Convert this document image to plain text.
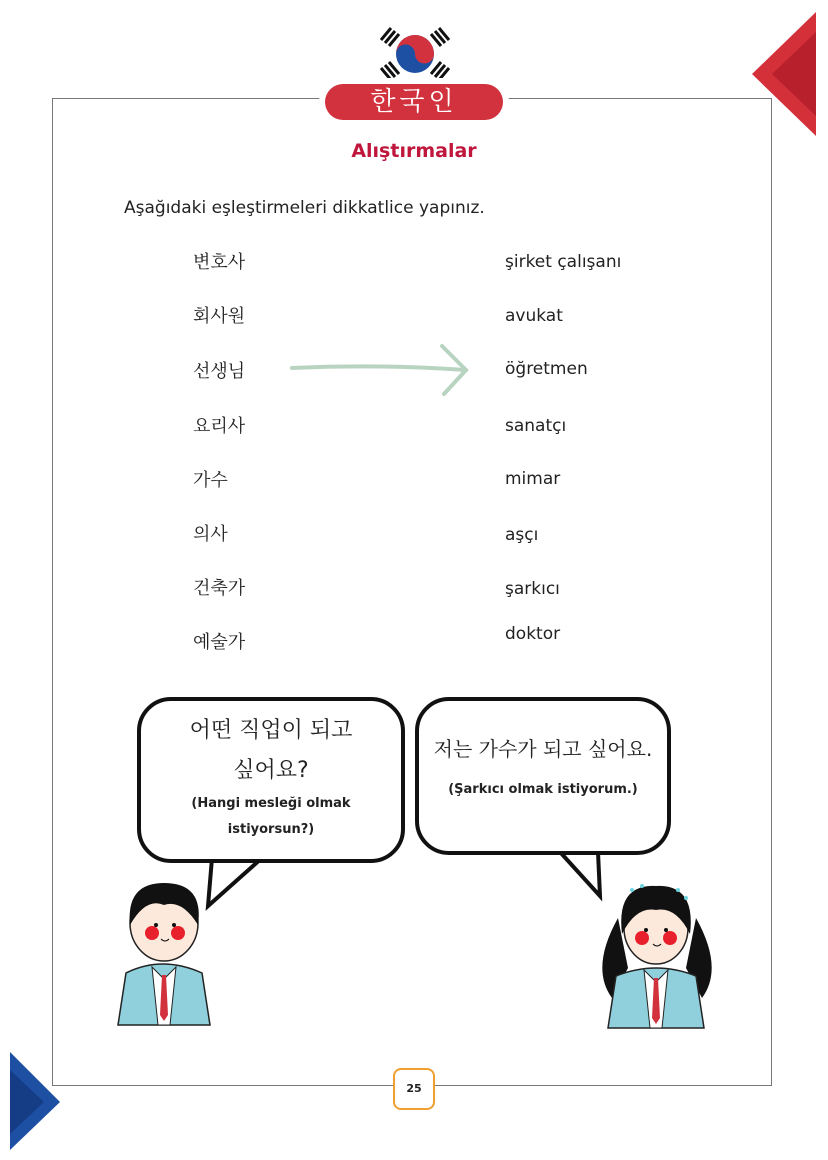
한국인
Alıştırmalar
Aşağıdaki eşleştirmeleri dikkatlice yapınız.
변호사
회사원
선생님
요리사
가수
의사
건축가
예술가
şirket çalışanı
avukat
öğretmen
sanatçı
mimar
aşçı
şarkıcı
doktor
어떤 직업이 되고
싶어요?
(Hangi mesleği olmak
istiyorsun?)
저는 가수가 되고 싶어요.
(Şarkıcı olmak istiyorum.)
25
